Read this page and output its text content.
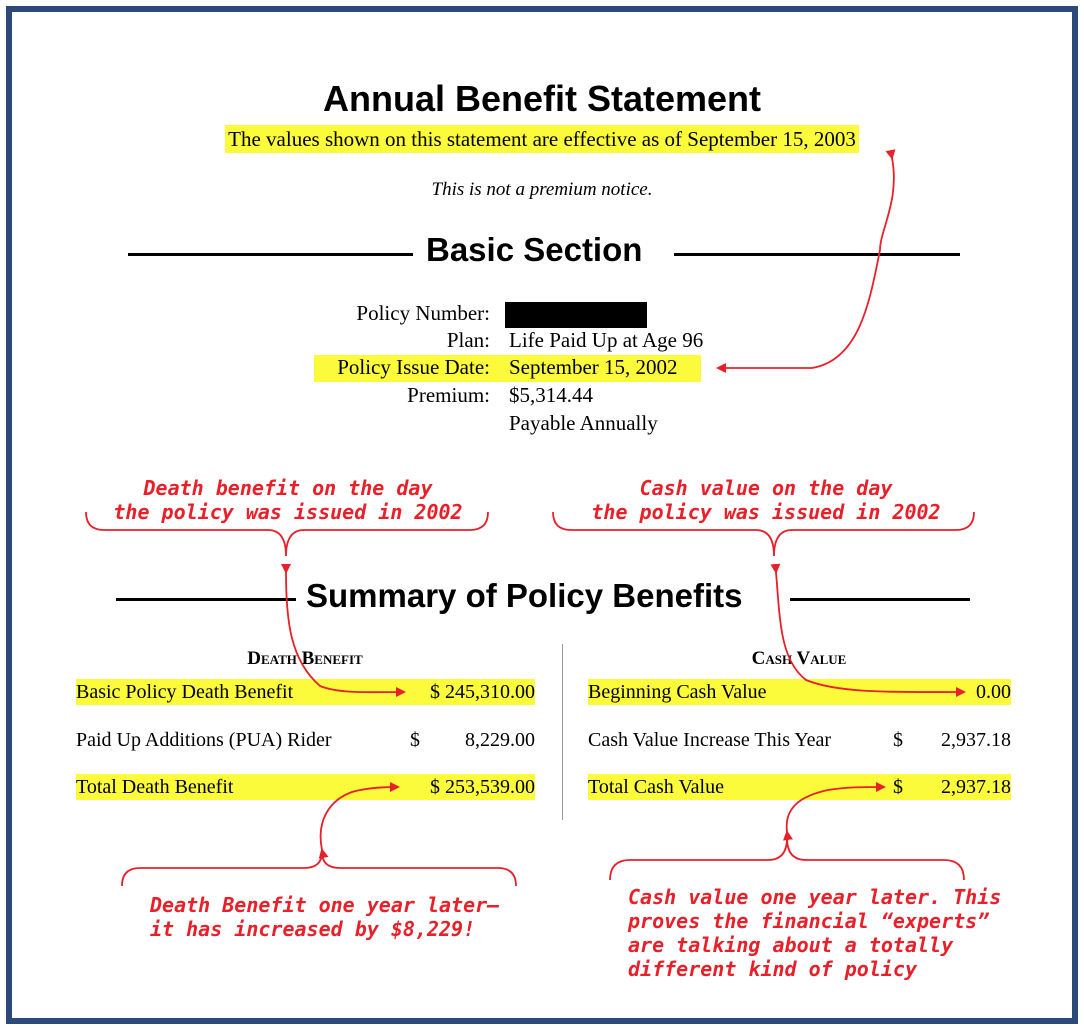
Annual Benefit Statement
The values shown on this statement are effective as of September 15, 2003
This is not a premium notice.
Basic Section
Policy Number:
Plan: Life Paid Up at Age 96
Policy Issue Date: September 15, 2002
Premium: $5,314.44
Payable Annually
Death benefit on the day
the policy was issued in 2002
Cash value on the day
the policy was issued in 2002
Summary of Policy Benefits
Death Benefit
Basic Policy Death Benefit	$ 245,310.00
Paid Up Additions (PUA) Rider	$	8,229.00
Total Death Benefit	$ 253,539.00
Cash Value
Beginning Cash Value	0.00
Cash Value Increase This Year	$	2,937.18
Total Cash Value	$	2,937.18
Death Benefit one year later—
it has increased by $8,229!
Cash value one year later. This
proves the financial “experts”
are talking about a totally
different kind of policy
